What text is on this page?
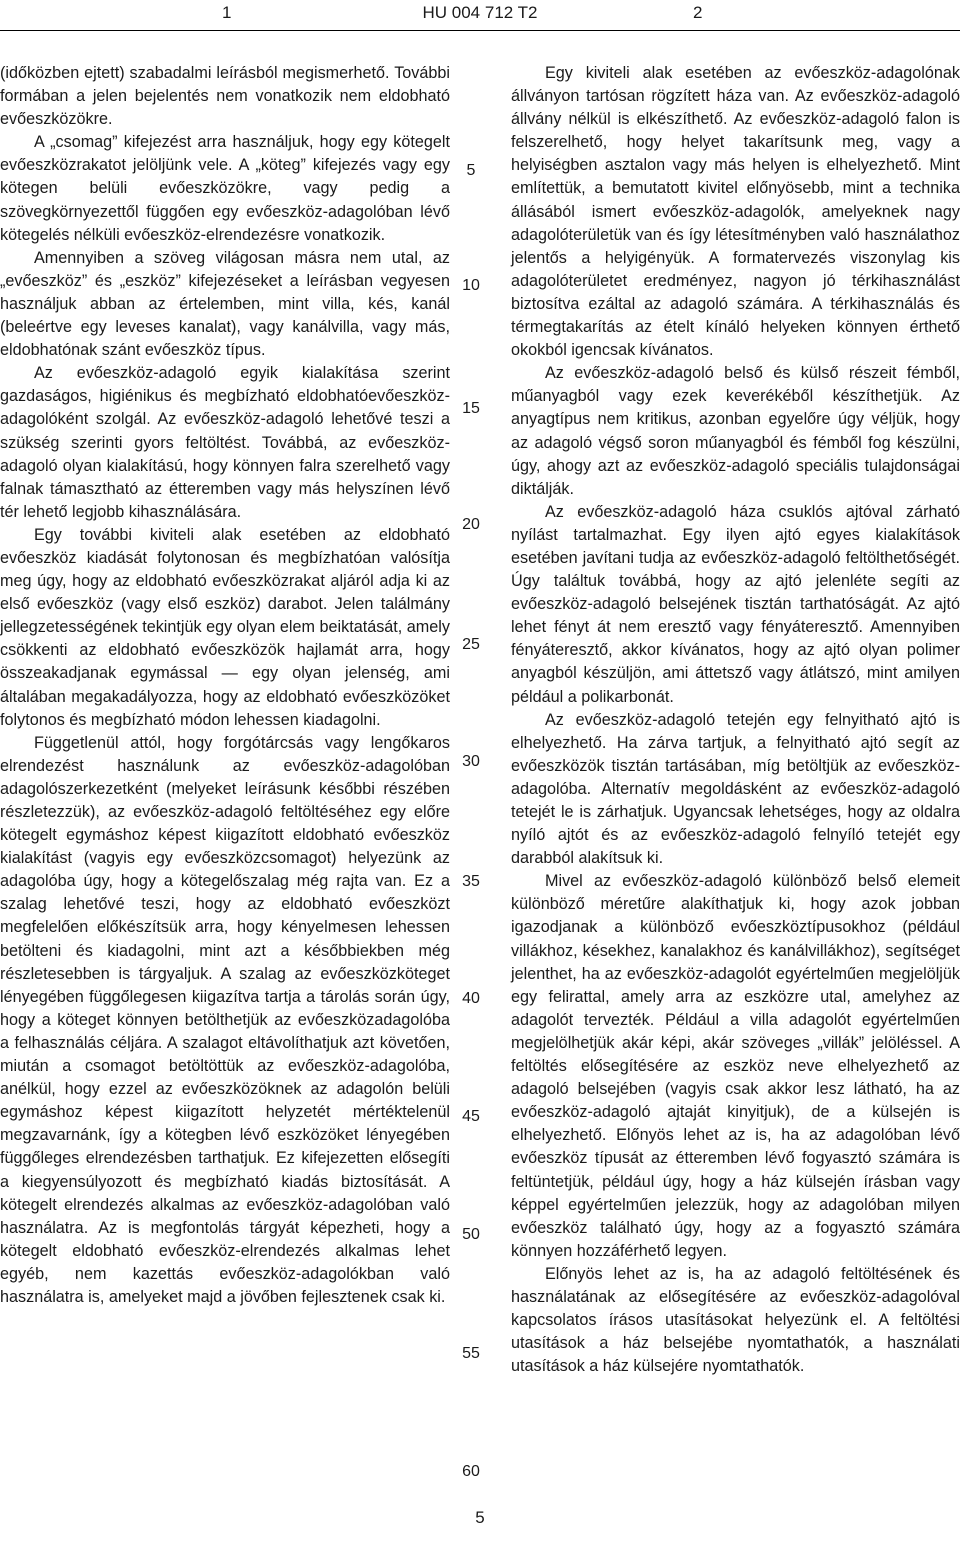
1	HU 004 712 T2	2

(időközben ejtett) szabadalmi leírásból megismerhető. További formában a jelen bejelentés nem vonatkozik nem eldobható evőeszközökre.

A „csomag” kifejezést arra használjuk, hogy egy kötegelt evőeszközrakatot jelöljünk vele. A „köteg” kifejezés vagy egy kötegen belüli evőeszközökre, vagy pedig a szövegkörnyezettől függően egy evőeszköz-adagolóban lévő kötegelés nélküli evőeszköz-elrendezésre vonatkozik.

Amennyiben a szöveg világosan másra nem utal, az „evőeszköz” és „eszköz” kifejezéseket a leírásban vegyesen használjuk abban az értelemben, mint villa, kés, kanál (beleértve egy leveses kanalat), vagy kanálvilla, vagy más, eldobhatónak szánt evőeszköz típus.

Az evőeszköz-adagoló egyik kialakítása szerint gazdaságos, higiénikus és megbízható eldobhatóevőeszköz-adagolóként szolgál. Az evőeszköz-adagoló lehetővé teszi a szükség szerinti gyors feltöltést. Továbbá, az evőeszköz-adagoló olyan kialakítású, hogy könnyen falra szerelhető vagy falnak támasztható az étteremben vagy más helyszínen lévő tér lehető legjobb kihasználására.

Egy további kiviteli alak esetében az eldobható evőeszköz kiadását folytonosan és megbízhatóan valósítja meg úgy, hogy az eldobható evőeszközrakat aljáról adja ki az első evőeszköz (vagy első eszköz) darabot. Jelen találmány jellegzetességének tekintjük egy olyan elem beiktatását, amely csökkenti az eldobható evőeszközök hajlamát arra, hogy összeakadjanak egymással — egy olyan jelenség, ami általában megakadályozza, hogy az eldobható evőeszközöket folytonos és megbízható módon lehessen kiadagolni.

Függetlenül attól, hogy forgótárcsás vagy lengőkaros elrendezést használunk az evőeszköz-adagolóban adagolószerkezetként (melyeket leírásunk későbbi részében részletezzük), az evőeszköz-adagoló feltöltéséhez egy előre kötegelt egymáshoz képest kiigazított eldobható evőeszköz kialakítást (vagyis egy evőeszközcsomagot) helyezünk az adagolóba úgy, hogy a kötegelőszalag még rajta van. Ez a szalag lehetővé teszi, hogy az eldobható evőeszközt megfelelően előkészítsük arra, hogy kényelmesen lehessen betölteni és kiadagolni, mint azt a későbbiekben még részletesebben is tárgyaljuk. A szalag az evőeszközköteget lényegében függőlegesen kiigazítva tartja a tárolás során úgy, hogy a köteget könnyen betölthetjük az evőeszközadagolóba a felhasználás céljára. A szalagot eltávolíthatjuk azt követően, miután a csomagot betöltöttük az evőeszköz-adagolóba, anélkül, hogy ezzel az evőeszközöknek az adagolón belüli egymáshoz képest kiigazított helyzetét mértéktelenül megzavarnánk, így a kötegben lévő eszközöket lényegében függőleges elrendezésben tarthatjuk. Ez kifejezetten elősegíti a kiegyensúlyozott és megbízható kiadás biztosítását. A kötegelt elrendezés alkalmas az evőeszköz-adagolóban való használatra. Az is megfontolás tárgyát képezheti, hogy a kötegelt eldobható evőeszköz-elrendezés alkalmas lehet egyéb, nem kazettás evőeszköz-adagolókban való használatra is, amelyeket majd a jövőben fejlesztenek csak ki.

5
10
15
20
25
30
35
40
45
50
55
60

Egy kiviteli alak esetében az evőeszköz-adagolónak állványon tartósan rögzített háza van. Az evőeszköz-adagoló állvány nélkül is elkészíthető. Az evőeszköz-adagoló falon is felszerelhető, hogy helyet takarítsunk meg, vagy a helyiségben asztalon vagy más helyen is elhelyezhető. Mint említettük, a bemutatott kivitel előnyösebb, mint a technika állásából ismert evőeszköz-adagolók, amelyeknek nagy adagolóterületük van és így létesítményben való használathoz jelentős a helyigényük. A formatervezés viszonylag kis adagolóterületet eredményez, nagyon jó térkihasználást biztosítva ezáltal az adagoló számára. A térkihasználás és térmegtakarítás az ételt kínáló helyeken könnyen érthető okokból igencsak kívánatos.

Az evőeszköz-adagoló belső és külső részeit fémből, műanyagból vagy ezek keverékéből készíthetjük. Az anyagtípus nem kritikus, azonban egyelőre úgy véljük, hogy az adagoló végső soron műanyagból és fémből fog készülni, úgy, ahogy azt az evőeszköz-adagoló speciális tulajdonságai diktálják.

Az evőeszköz-adagoló háza csuklós ajtóval zárható nyílást tartalmazhat. Egy ilyen ajtó egyes kialakítások esetében javítani tudja az evőeszköz-adagoló feltölthetőségét. Úgy találtuk továbbá, hogy az ajtó jelenléte segíti az evőeszköz-adagoló belsejének tisztán tarthatóságát. Az ajtó lehet fényt át nem eresztő vagy fényáteresztő. Amennyiben fényáteresztő, akkor kívánatos, hogy az ajtó olyan polimer anyagból készüljön, ami áttetsző vagy átlátszó, mint amilyen például a polikarbonát.

Az evőeszköz-adagoló tetején egy felnyitható ajtó is elhelyezhető. Ha zárva tartjuk, a felnyitható ajtó segít az evőeszközök tisztán tartásában, míg betöltjük az evőeszköz-adagolóba. Alternatív megoldásként az evőeszköz-adagoló tetejét le is zárhatjuk. Ugyancsak lehetséges, hogy az oldalra nyíló ajtót és az evőeszköz-adagoló felnyíló tetejét egy darabból alakítsuk ki.

Mivel az evőeszköz-adagoló különböző belső elemeit különböző méretűre alakíthatjuk ki, hogy azok jobban igazodjanak a különböző evőeszköztípusokhoz (például villákhoz, késekhez, kanalakhoz és kanálvillákhoz), segítséget jelenthet, ha az evőeszköz-adagolót egyértelműen megjelöljük egy felirattal, amely arra az eszközre utal, amelyhez az adagolót tervezték. Például a villa adagolót egyértelműen megjelölhetjük akár képi, akár szöveges „villák” jelöléssel. A feltöltés elősegítésére az eszköz neve elhelyezhető az adagoló belsejében (vagyis csak akkor lesz látható, ha az evőeszköz-adagoló ajtaját kinyitjuk), de a külsején is elhelyezhető. Előnyös lehet az is, ha az adagolóban lévő evőeszköz típusát az étteremben lévő fogyasztó számára is feltüntetjük, például úgy, hogy a ház külsején írásban vagy képpel egyértelműen jelezzük, hogy az adagolóban milyen evőeszköz található úgy, hogy az a fogyasztó számára könnyen hozzáférhető legyen.

Előnyös lehet az is, ha az adagoló feltöltésének és használatának az elősegítésére az evőeszköz-adagolóval kapcsolatos írásos utasításokat helyezünk el. A feltöltési utasítások a ház belsejébe nyomtathatók, a használati utasítások a ház külsejére nyomtathatók.

5
